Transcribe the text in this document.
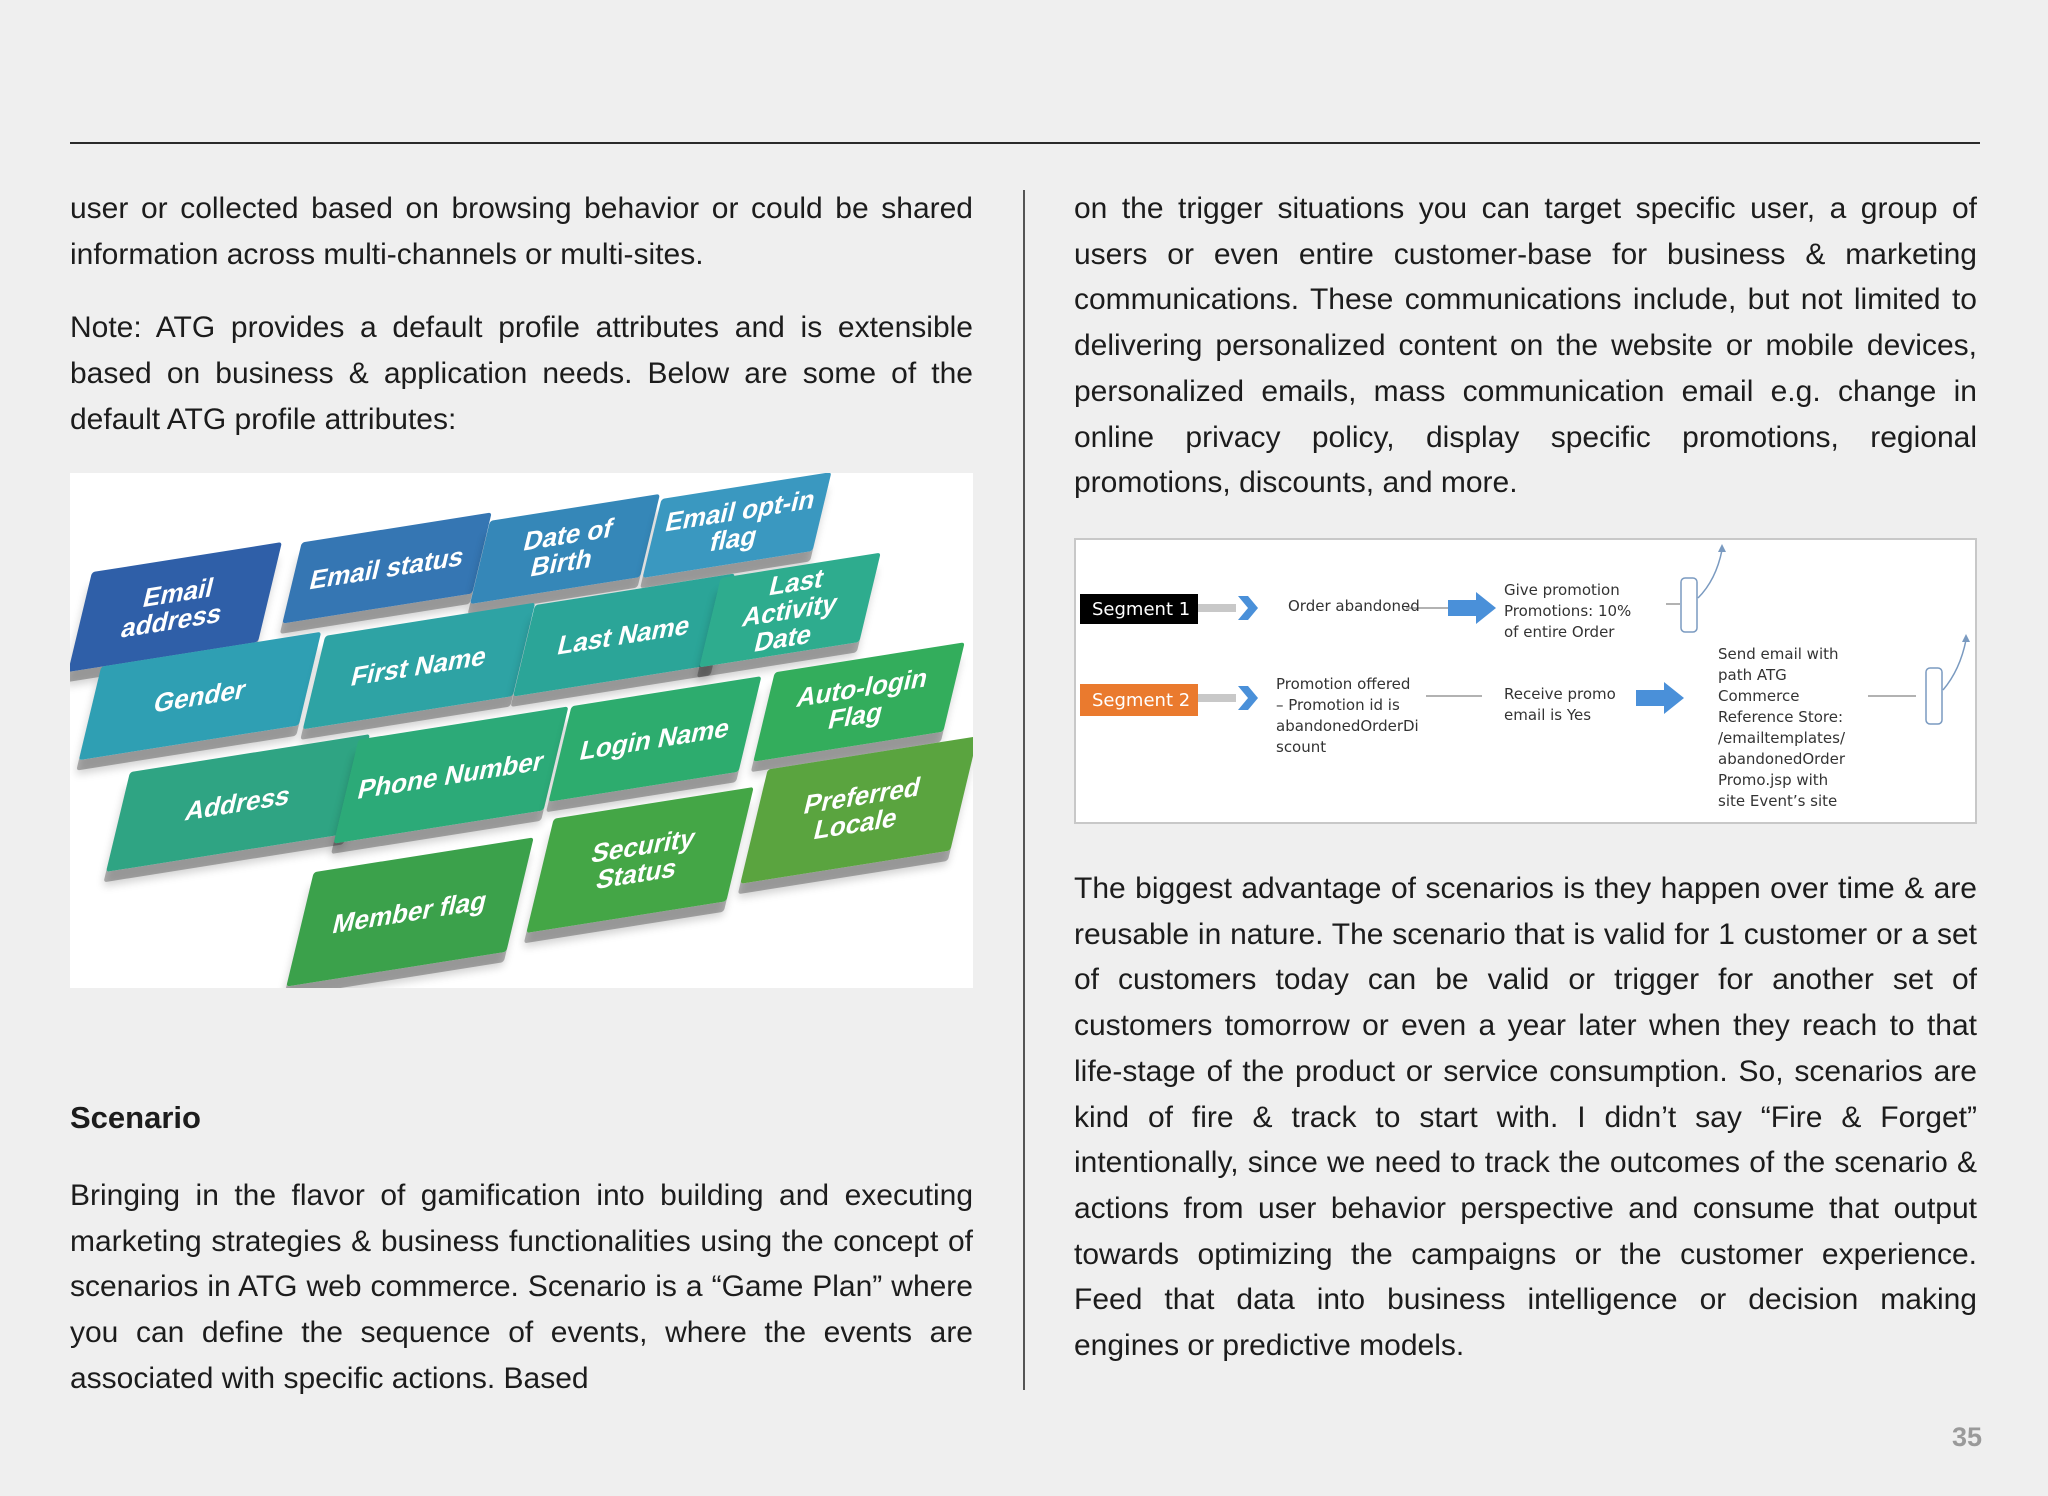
user or collected based on browsing behavior or could be shared information across multi-channels or multi-sites.

Note: ATG provides a default profile attributes and is extensible based on business & application needs. Below are some of the default ATG profile attributes:

Email address
Email status
Date of Birth
Email opt-in flag
Gender
First Name
Last Name
Last Activity Date
Address	Phone Number
Login Name
Auto-login Flag
Member flag
Security Status
Preferred Locale
Scenario

Bringing in the flavor of gamification into building and executing marketing strategies & business functionalities using the concept of scenarios in ATG web commerce. Scenario is a “Game Plan” where you can define the sequence of events, where the events are associated with specific actions. Based

on the trigger situations you can target specific user, a group of users or even entire customer-base for business & marketing communications. These communications include, but not limited to delivering personalized content on the website or mobile devices, personalized emails, mass communication email e.g. change in online privacy policy, display specific promotions, regional promotions, discounts, and more.

Segment 1	Order abandoned
Give promotion
Promotions: 10%
of entire Order
Segment 2
Promotion offered
– Promotion id is
abandonedOrderDi
scount
Receive promo
email is Yes
Send email with
path ATG
Commerce
Reference Store:
/emailtemplates/
abandonedOrder
Promo.jsp with
site Event’s site

The biggest advantage of scenarios is they happen over time & are reusable in nature. The scenario that is valid for 1 customer or a set of customers today can be valid or trigger for another set of customers tomorrow or even a year later when they reach to that life-stage of the product or service consumption. So, scenarios are kind of fire & track to start with. I didn’t say “Fire & Forget” intentionally, since we need to track the outcomes of the scenario & actions from user behavior perspective and consume that output towards optimizing the campaigns or the customer experience. Feed that data into business intelligence or decision making engines or predictive models.

35
